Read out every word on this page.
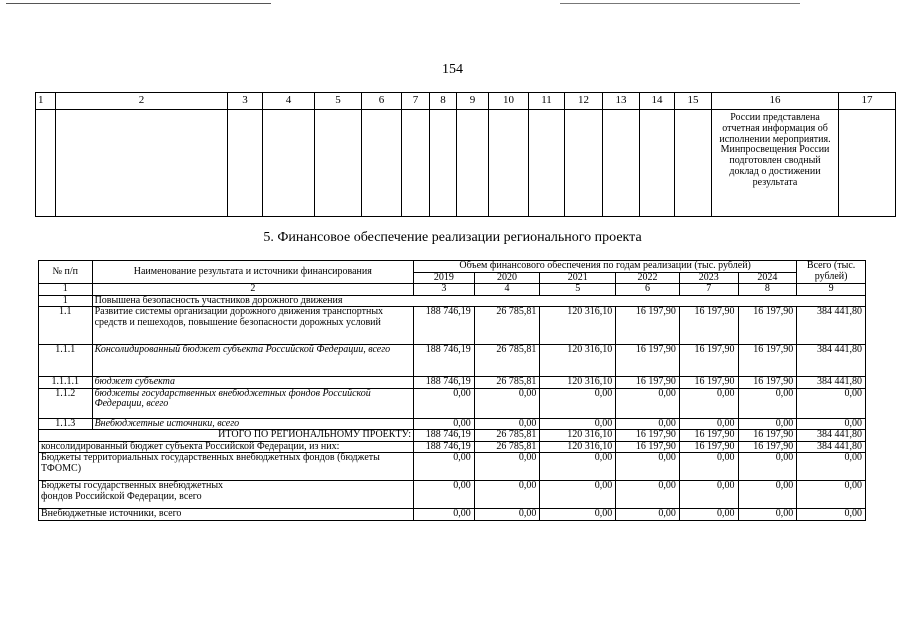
154
1	2	3	4	5	6	7	8	9	10	11	12	13	14	15	16	17
															России представлена отчетная информация об исполнении мероприятия. Минпросвещения России подготовлен сводный доклад о достижении результата	
5. Финансовое обеспечение реализации регионального проекта
№ п/п	Наименование результата и источники финансирования	Объем финансового обеспечения по годам реализации (тыс. рублей)						Всего (тыс. рублей)
		2019	2020	2021	2022	2023	2024	
1	2	3	4	5	6	7	8	9
1	Повышена безопасность участников дорожного движения							
1.1	Развитие системы организации дорожного движения транспортных средств и пешеходов, повышение безопасности дорожных условий	188 746,19	26 785,81	120 316,10	16 197,90	16 197,90	16 197,90	384 441,80
1.1.1	Консолидированный бюджет субъекта Российской Федерации, всего	188 746,19	26 785,81	120 316,10	16 197,90	16 197,90	16 197,90	384 441,80
1.1.1.1	бюджет субъекта	188 746,19	26 785,81	120 316,10	16 197,90	16 197,90	16 197,90	384 441,80
1.1.2	бюджеты государственных внебюджетных фондов Российской Федерации, всего	0,00	0,00	0,00	0,00	0,00	0,00	0,00
1.1.3	Внебюджетные источники, всего	0,00	0,00	0,00	0,00	0,00	0,00	0,00
ИТОГО ПО РЕГИОНАЛЬНОМУ ПРОЕКТУ:		188 746,19	26 785,81	120 316,10	16 197,90	16 197,90	16 197,90	384 441,80
консолидированный бюджет субъекта Российской Федерации, из них:		188 746,19	26 785,81	120 316,10	16 197,90	16 197,90	16 197,90	384 441,80
Бюджеты территориальных государственных внебюджетных фондов (бюджеты ТФОМС)		0,00	0,00	0,00	0,00	0,00	0,00	0,00
Бюджеты государственных внебюджетных фондов Российской Федерации, всего		0,00	0,00	0,00	0,00	0,00	0,00	0,00
Внебюджетные источники, всего		0,00	0,00	0,00	0,00	0,00	0,00	0,00
